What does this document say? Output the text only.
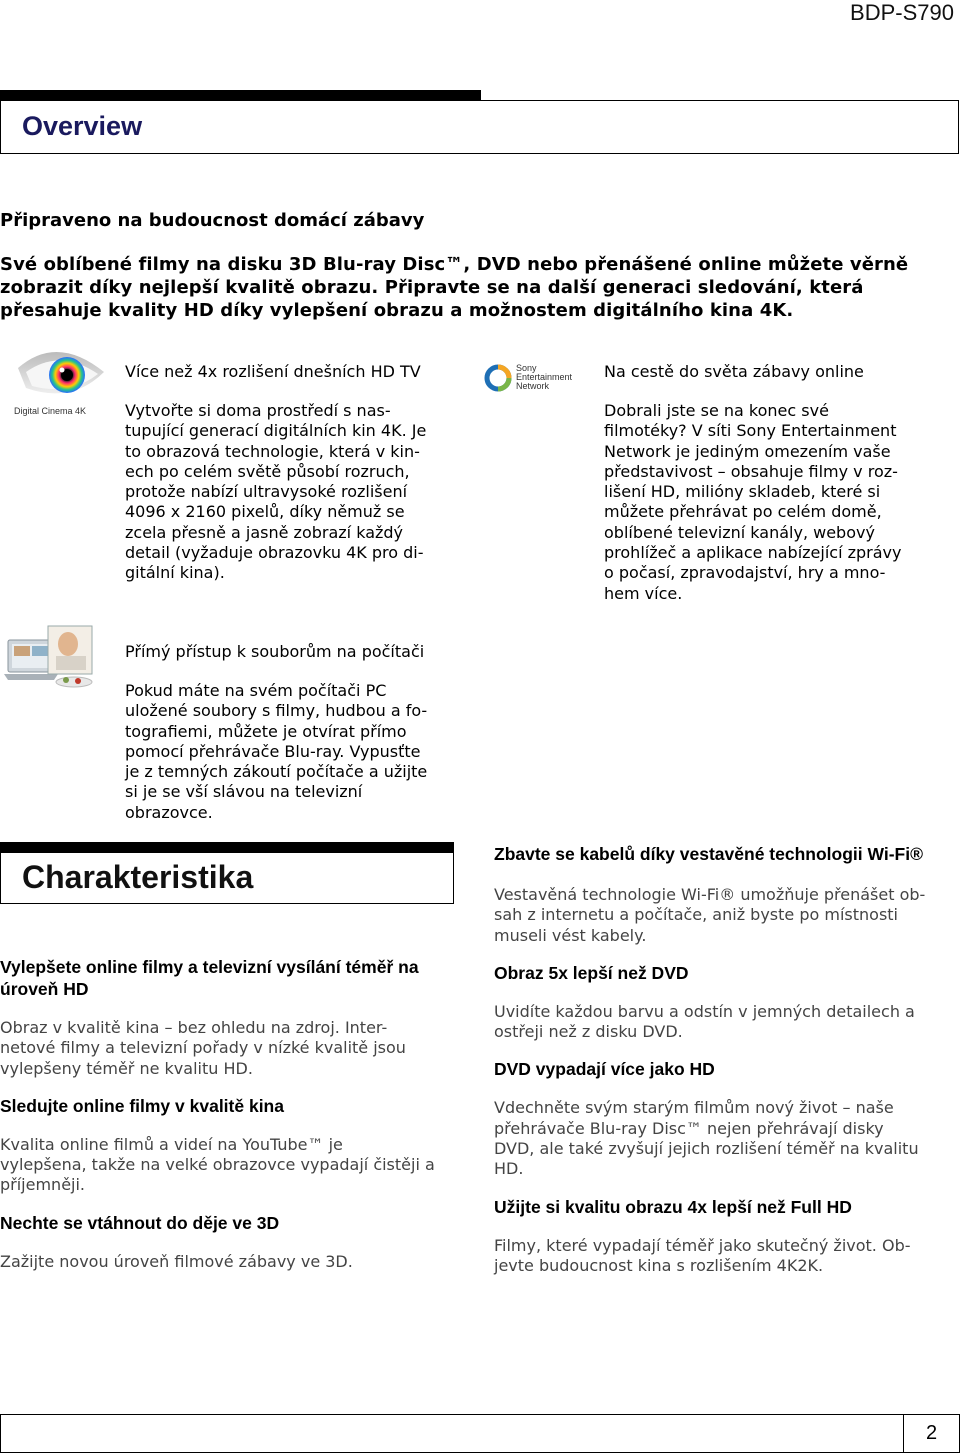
BDP-S790
Overview
Připraveno na budoucnost domácí zábavy
Své oblíbené filmy na disku 3D Blu-ray Disc™, DVD nebo přenášené online můžete věrně
zobrazit díky nejlepší kvalitě obrazu. Připravte se na další generaci sledování, která
přesahuje kvality HD díky vylepšení obrazu a možnostem digitálního kina 4K.
Digital Cinema 4K
Více než 4x rozlišení dnešních HD TV
Vytvořte si doma prostředí s nas-
tupující generací digitálních kin 4K. Je
to obrazová technologie, která v kin-
ech po celém světě působí rozruch,
protože nabízí ultravysoké rozlišení
4096 x 2160 pixelů, díky němuž se
zcela přesně a jasně zobrazí každý
detail (vyžaduje obrazovku 4K pro di-
gitální kina).
Sony
Entertainment
Network
Na cestě do světa zábavy online
Dobrali jste se na konec své
filmotéky? V síti Sony Entertainment
Network je jediným omezením vaše
představivost – obsahuje filmy v roz-
lišení HD, milióny skladeb, které si
můžete přehrávat po celém domě,
oblíbené televizní kanály, webový
prohlížeč a aplikace nabízející zprávy
o počasí, zpravodajství, hry a mno-
hem více.
Přímý přístup k souborům na počítači
Pokud máte na svém počítači PC
uložené soubory s filmy, hudbou a fo-
tografiemi, můžete je otvírat přímo
pomocí přehrávače Blu-ray. Vypusťte
je z temných zákoutí počítače a užijte
si je se vší slávou na televizní
obrazovce.
Charakteristika
Vylepšete online filmy a televizní vysílání téměř na
úroveň HD
Obraz v kvalitě kina – bez ohledu na zdroj. Inter-
netové filmy a televizní pořady v nízké kvalitě jsou
vylepšeny téměř ne kvalitu HD.
Sledujte online filmy v kvalitě kina
Kvalita online filmů a videí na YouTube™ je
vylepšena, takže na velké obrazovce vypadají čistěji a
příjemněji.
Nechte se vtáhnout do děje ve 3D
Zažijte novou úroveň filmové zábavy ve 3D.
Zbavte se kabelů díky vestavěné technologii Wi-Fi®
Vestavěná technologie Wi-Fi® umožňuje přenášet ob-
sah z internetu a počítače, aniž byste po místnosti
museli vést kabely.
Obraz 5x lepší než DVD
Uvidíte každou barvu a odstín v jemných detailech a
ostřeji než z disku DVD.
DVD vypadají více jako HD
Vdechněte svým starým filmům nový život – naše
přehrávače Blu-ray Disc™ nejen přehrávají disky
DVD, ale také zvyšují jejich rozlišení téměř na kvalitu
HD.
Užijte si kvalitu obrazu 4x lepší než Full HD
Filmy, které vypadají téměř jako skutečný život. Ob-
jevte budoucnost kina s rozlišením 4K2K.
2
